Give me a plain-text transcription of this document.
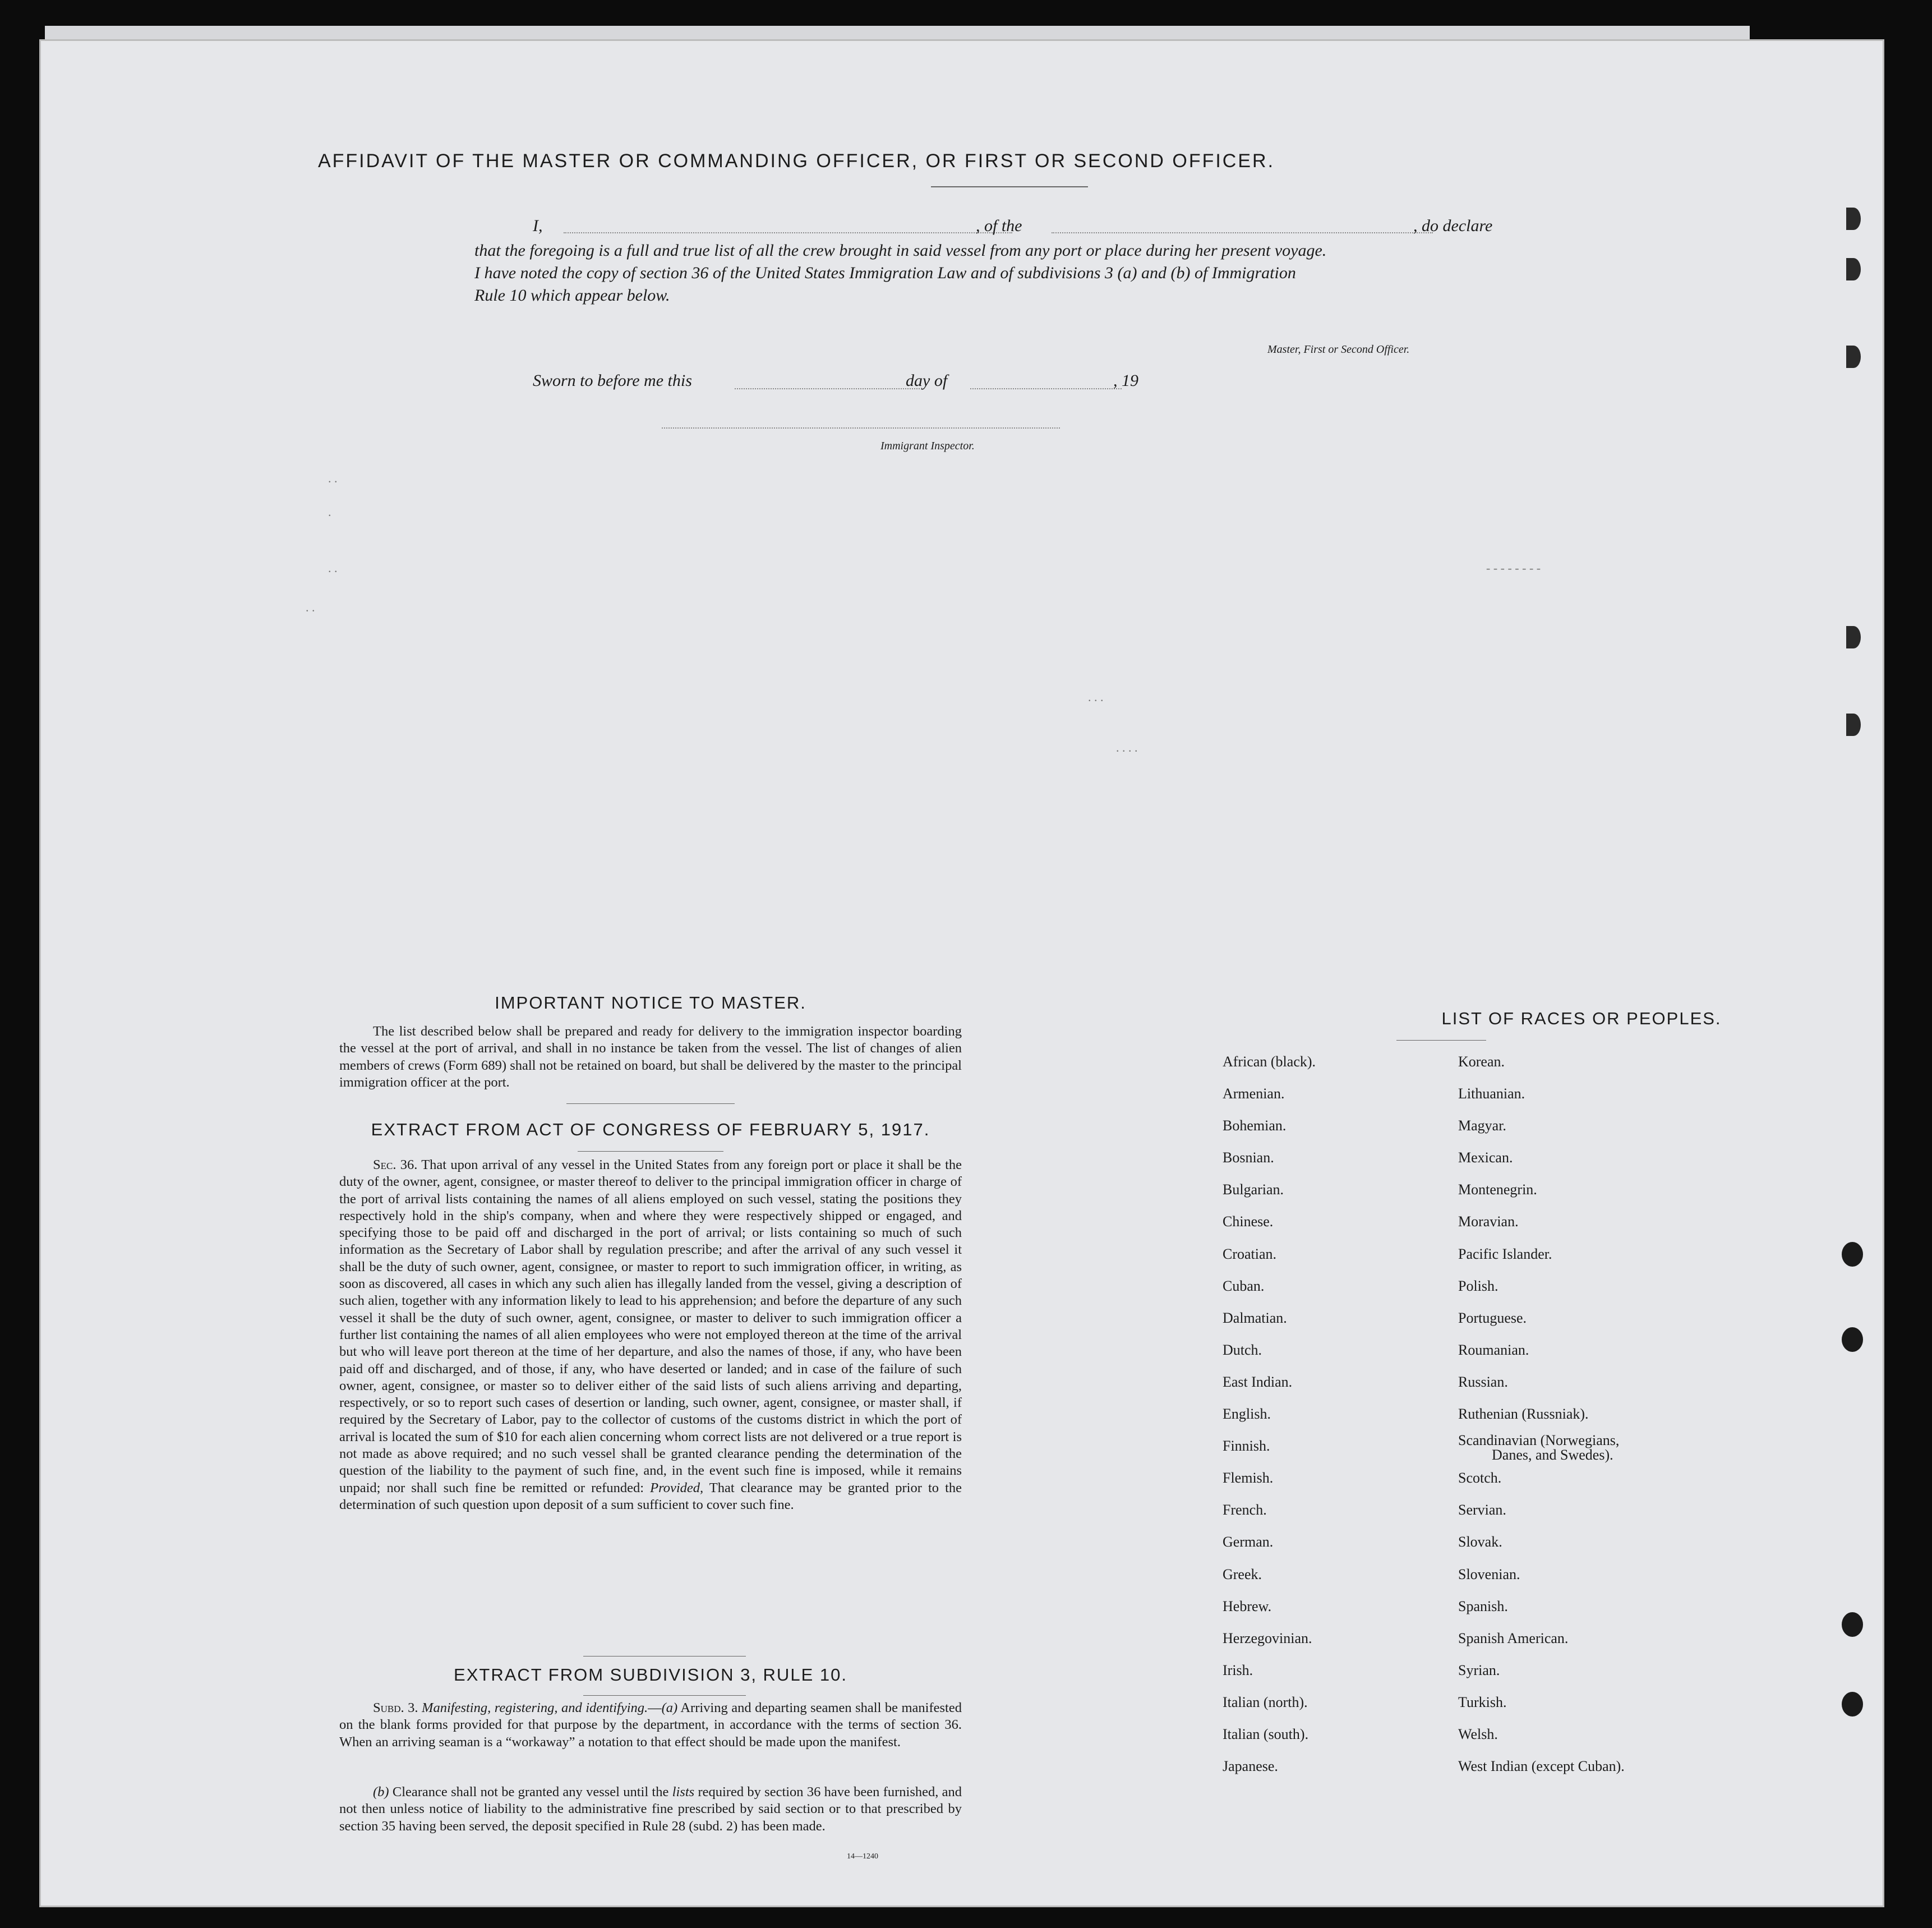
AFFIDAVIT OF THE MASTER OR COMMANDING OFFICER, OR FIRST OR SECOND OFFICER.
I,	, of the	, do declare
that the foregoing is a full and true list of all the crew brought in said vessel from any port or place during her present voyage.
I have noted the copy of section 36 of the United States Immigration Law and of subdivisions 3 (a) and (b) of Immigration
Rule 10 which appear below.
Master, First or Second Officer.
Sworn to before me this	day of	, 19
Immigrant Inspector.
. .
.
. .
. .
. . .
. . . .
- - - - - - - -
IMPORTANT NOTICE TO MASTER.

The list described below shall be prepared and ready for delivery to the immigration inspector boarding the vessel at the port of arrival, and shall in no instance be taken from the vessel. The list of changes of alien members of crews (Form 689) shall not be retained on board, but shall be delivered by the master to the principal immigration officer at the port.

EXTRACT FROM ACT OF CONGRESS OF FEBRUARY 5, 1917.

Sec. 36. That upon arrival of any vessel in the United States from any foreign port or place it shall be the duty of the owner, agent, consignee, or master thereof to deliver to the principal immigration officer in charge of the port of arrival lists containing the names of all aliens employed on such vessel, stating the positions they respectively hold in the ship's company, when and where they were respectively shipped or engaged, and specifying those to be paid off and discharged in the port of arrival; or lists containing so much of such information as the Secretary of Labor shall by regulation prescribe; and after the arrival of any such vessel it shall be the duty of such owner, agent, consignee, or master to report to such immigration officer, in writing, as soon as discovered, all cases in which any such alien has illegally landed from the vessel, giving a description of such alien, together with any information likely to lead to his apprehension; and before the departure of any such vessel it shall be the duty of such owner, agent, consignee, or master to deliver to such immigration officer a further list containing the names of all alien employees who were not employed thereon at the time of the arrival but who will leave port thereon at the time of her departure, and also the names of those, if any, who have been paid off and discharged, and of those, if any, who have deserted or landed; and in case of the failure of such owner, agent, consignee, or master so to deliver either of the said lists of such aliens arriving and departing, respectively, or so to report such cases of desertion or landing, such owner, agent, consignee, or master shall, if required by the Secretary of Labor, pay to the collector of customs of the customs district in which the port of arrival is located the sum of $10 for each alien concerning whom correct lists are not delivered or a true report is not made as above required; and no such vessel shall be granted clearance pending the determination of the question of the liability to the payment of such fine, and, in the event such fine is imposed, while it remains unpaid; nor shall such fine be remitted or refunded: Provided, That clearance may be granted prior to the determination of such question upon deposit of a sum sufficient to cover such fine.

EXTRACT FROM SUBDIVISION 3, RULE 10.

Subd. 3. Manifesting, registering, and identifying.—(a) Arriving and departing seamen shall be manifested on the blank forms provided for that purpose by the department, in accordance with the terms of section 36. When an arriving seaman is a “workaway” a notation to that effect should be made upon the manifest.

(b) Clearance shall not be granted any vessel until the lists required by section 36 have been furnished, and not then unless notice of liability to the administrative fine prescribed by said section or to that prescribed by section 35 having been served, the deposit specified in Rule 28 (subd. 2) has been made.

14—1240
LIST OF RACES OR PEOPLES.
African (black).
Armenian.
Bohemian.
Bosnian.
Bulgarian.
Chinese.
Croatian.
Cuban.
Dalmatian.
Dutch.
East Indian.
English.
Finnish.
Flemish.
French.
German.
Greek.
Hebrew.
Herzegovinian.
Irish.
Italian (north).
Italian (south).
Japanese.
Korean.
Lithuanian.
Magyar.
Mexican.
Montenegrin.
Moravian.
Pacific Islander.
Polish.
Portuguese.
Roumanian.
Russian.
Ruthenian (Russniak).
Scandinavian (Norwegians,
Danes, and Swedes).
Scotch.
Servian.
Slovak.
Slovenian.
Spanish.
Spanish American.
Syrian.
Turkish.
Welsh.
West Indian (except Cuban).
